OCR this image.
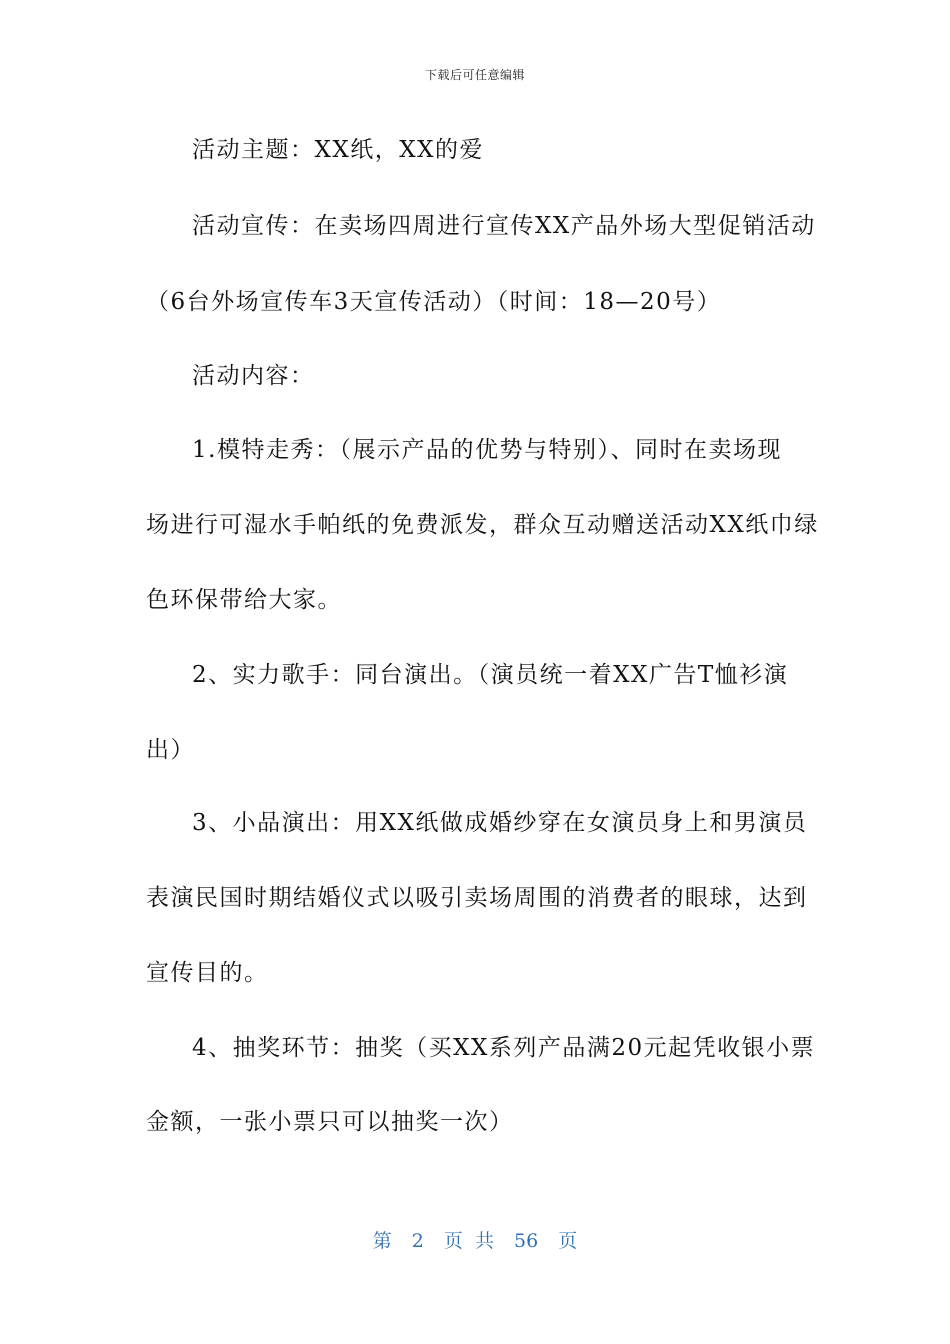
下载后可任意编辑
活动主题：XX纸，XX的爱
活动宣传：在卖场四周进行宣传XX产品外场大型促销活动
（6台外场宣传车3天宣传活动）（时间：18—20号）
活动内容：
1.模特走秀：（展示产品的优势与特别）、同时在卖场现
场进行可湿水手帕纸的免费派发，群众互动赠送活动XX纸巾绿
色环保带给大家。
2、实力歌手：同台演出。（演员统一着XX广告T恤衫演
出）
3、小品演出：用XX纸做成婚纱穿在女演员身上和男演员
表演民国时期结婚仪式以吸引卖场周围的消费者的眼球，达到
宣传目的。
4、抽奖环节：抽奖（买XX系列产品满20元起凭收银小票
金额，一张小票只可以抽奖一次）
第 2 页 共 56 页
